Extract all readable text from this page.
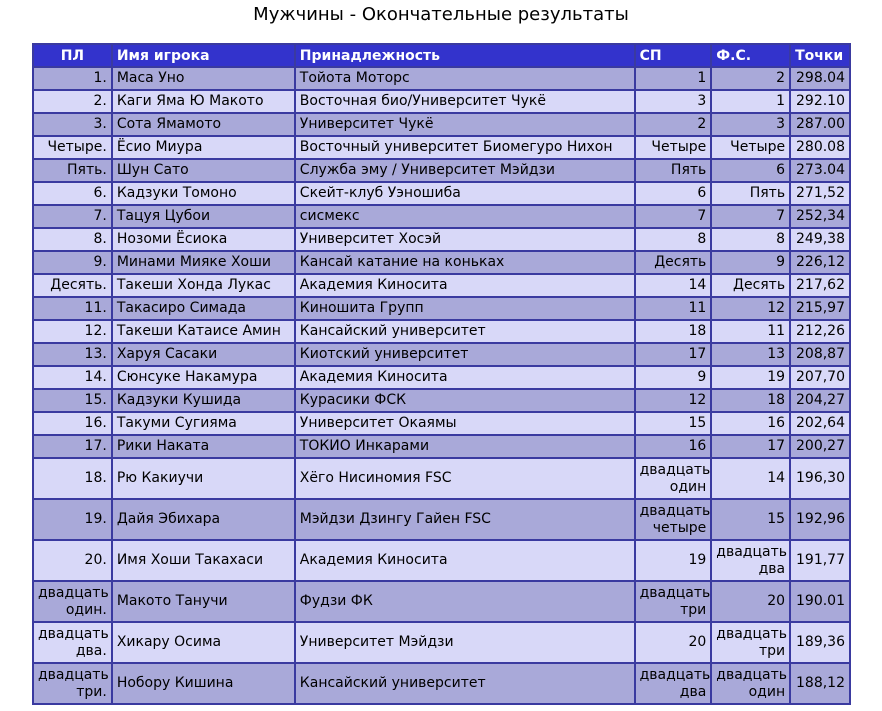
Мужчины - Окончательные результаты
ПЛ	Имя игрока	Принадлежность	СП	Ф.С.	Точки
1.	Маса Уно	Тойота Моторс	1	2	298.04
2.	Каги Яма Ю Макото	Восточная био/Университет Чукё	3	1	292.10
3.	Сота Ямамото	Университет Чукё	2	3	287.00
Четыре.	Ёсио Миура	Восточный университет Биомегуро Нихон	Четыре	Четыре	280.08
Пять.	Шун Сато	Служба эму / Университет Мэйдзи	Пять	6	273.04
6.	Кадзуки Томоно	Скейт-клуб Уэношиба	6	Пять	271,52
7.	Тацуя Цубои	сисмекс	7	7	252,34
8.	Нозоми Ёсиока	Университет Хосэй	8	8	249,38
9.	Минами Мияке Хоши	Кансай катание на коньках	Десять	9	226,12
Десять.	Такеши Хонда Лукас	Академия Киносита	14	Десять	217,62
11.	Такасиро Симада	Киношита Групп	11	12	215,97
12.	Такеши Катаисе Амин	Кансайский университет	18	11	212,26
13.	Харуя Сасаки	Киотский университет	17	13	208,87
14.	Сюнсуке Накамура	Академия Киносита	9	19	207,70
15.	Кадзуки Кушида	Курасики ФСК	12	18	204,27
16.	Такуми Сугияма	Университет Окаямы	15	16	202,64
17.	Рики Наката	ТОКИО Инкарами	16	17	200,27
18.	Рю Какиучи	Хёго Нисиномия FSC	двадцать один	14	196,30
19.	Дайя Эбихара	Мэйдзи Дзингу Гайен FSC	двадцать четыре	15	192,96
20.	Имя Хоши Такахаси	Академия Киносита	19	двадцать два	191,77
двадцать один.	Макото Танучи	Фудзи ФК	двадцать три	20	190.01
двадцать два.	Хикару Осима	Университет Мэйдзи	20	двадцать три	189,36
двадцать три.	Нобору Кишина	Кансайский университет	двадцать два	двадцать один	188,12
